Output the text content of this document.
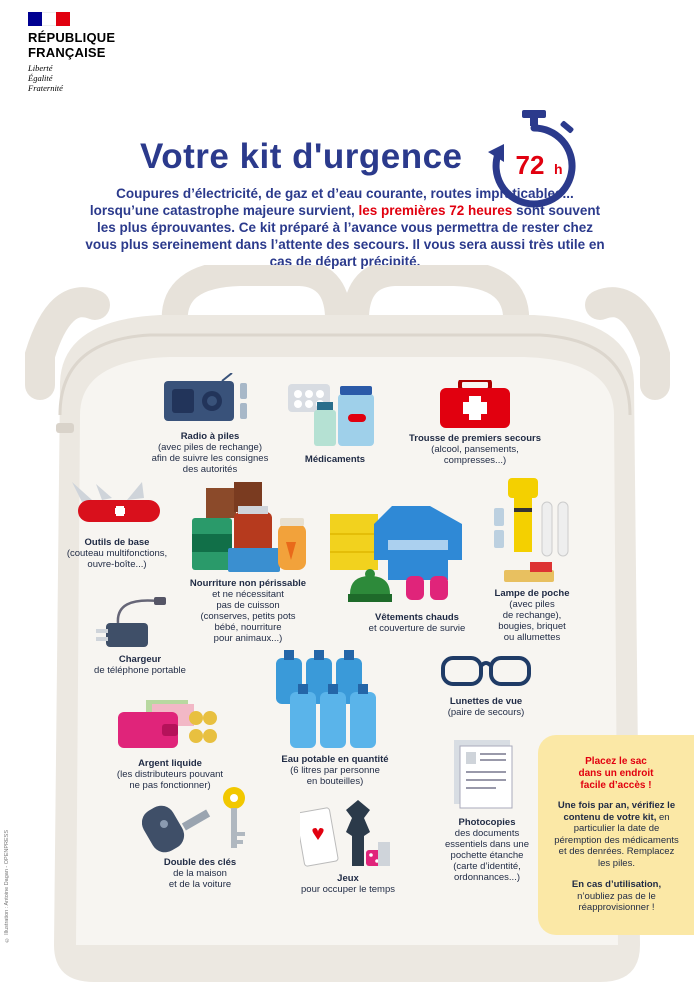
RÉPUBLIQUE
FRANÇAISE
Liberté
Égalité
Fraternité
Votre kit d'urgence 72 h
Coupures d’électricité, de gaz et d’eau courante, routes impraticables... lorsqu’une catastrophe majeure survient, les premières 72 heures sont souvent les plus éprouvantes. Ce kit préparé à l’avance vous permettra de rester chez vous plus sereinement dans l’attente des secours. Il vous sera aussi très utile en cas de départ précipité.
Radio à piles
(avec piles de rechange)
afin de suivre les consignes
des autorités
Médicaments
Trousse de premiers secours
(alcool, pansements,
compresses...)
Outils de base
(couteau multifonctions,
ouvre-boîte...)
Nourriture non périssable
et ne nécessitant
pas de cuisson
(conserves, petits pots
bébé, nourriture
pour animaux...)
Vêtements chauds
et couverture de survie
Lampe de poche
(avec piles
de rechange),
bougies, briquet
ou allumettes
Chargeur
de téléphone portable
Lunettes de vue
(paire de secours)
Argent liquide
(les distributeurs pouvant
ne pas fonctionner)
Eau potable en quantité
(6 litres par personne
en bouteilles)
Photocopies
des documents
essentiels dans une
pochette étanche
(carte d’identité,
ordonnances...)
Double des clés
de la maison
et de la voiture
Jeux
pour occuper le temps
Placez le sac
dans un endroit
facile d’accès !
Une fois par an, vérifiez le contenu de votre kit, en particulier la date de péremption des médicaments et des denrées. Remplacez les piles.
En cas d’utilisation, n’oubliez pas de le réapprovisionner !
© Illustration : Antoine Dagan - OPENPRESS
